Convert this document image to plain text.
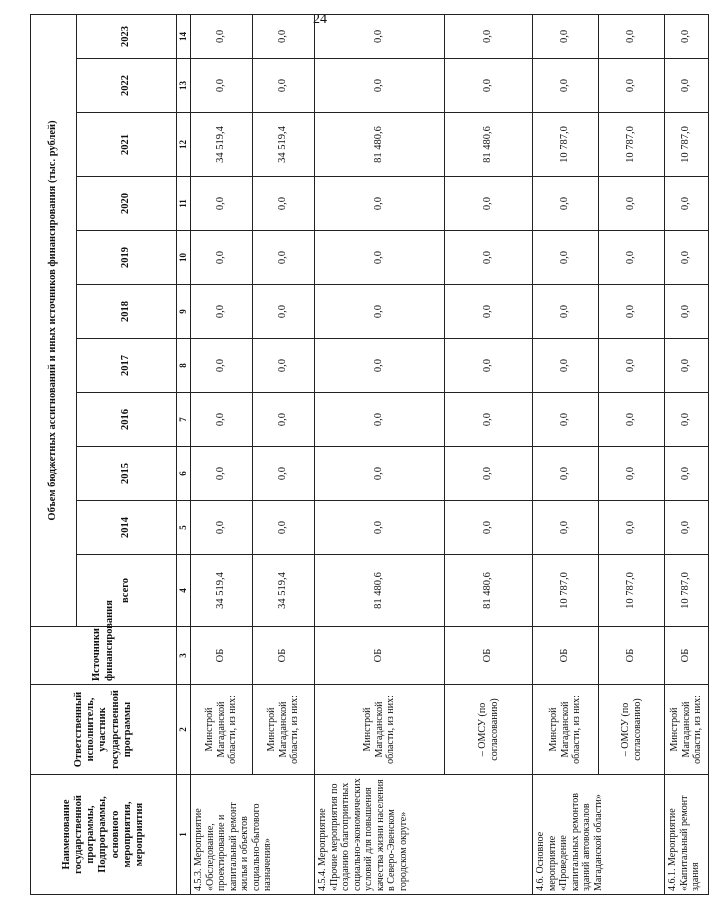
24
Наименование государственной программы, Подпрограммы, основного мероприятия, мероприятия	Ответственный исполнитель, участник государственной программы	Источники финансирования	Объем бюджетных ассигнований и иных источников финансирования (тыс. рублей)										
			всего	2014	2015	2016	2017	2018	2019	2020	2021	2022	2023
1	2	3	4	5	6	7	8	9	10	11	12	13	14
4.5.3. Мероприятие «Обследование, проектирование и капитальный ремонт жилья и объектов социально-бытового назначения»	Минстрой Магаданской области, из них:	ОБ	34 519,4	0,0	0,0	0,0	0,0	0,0	0,0	0,0	34 519,4	0,0	0,0
	Минстрой Магаданской области, из них:	ОБ	34 519,4	0,0	0,0	0,0	0,0	0,0	0,0	0,0	34 519,4	0,0	0,0
4.5.4. Мероприятие «Прочие мероприятия по созданию благоприятных социально-экономических условий для повышения качества жизни населения в Северо-Эвенском городском округе»	Минстрой Магаданской области, из них:	ОБ	81 480,6	0,0	0,0	0,0	0,0	0,0	0,0	0,0	81 480,6	0,0	0,0
	– ОМСУ (по согласованию)	ОБ	81 480,6	0,0	0,0	0,0	0,0	0,0	0,0	0,0	81 480,6	0,0	0,0
4.6. Основное мероприятие «Проведение капитальных ремонтов зданий автовокзалов Магаданской области»	Минстрой Магаданской области, из них:	ОБ	10 787,0	0,0	0,0	0,0	0,0	0,0	0,0	0,0	10 787,0	0,0	0,0
	– ОМСУ (по согласованию)	ОБ	10 787,0	0,0	0,0	0,0	0,0	0,0	0,0	0,0	10 787,0	0,0	0,0
4.6.1. Мероприятие «Капитальный ремонт здания	Минстрой Магаданской области, из них:	ОБ	10 787,0	0,0	0,0	0,0	0,0	0,0	0,0	0,0	10 787,0	0,0	0,0
